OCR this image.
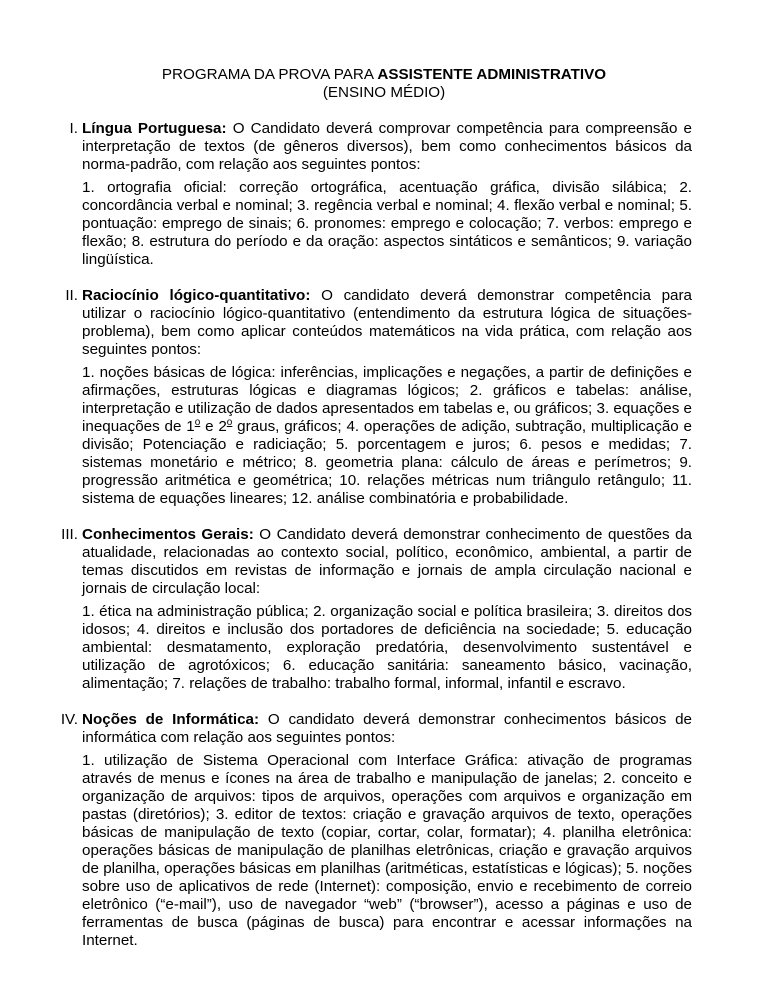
PROGRAMA DA PROVA PARA ASSISTENTE ADMINISTRATIVO
(ENSINO MÉDIO)
I. Língua Portuguesa: O Candidato deverá comprovar competência para compreensão e interpretação de textos (de gêneros diversos), bem como conhecimentos básicos da norma-padrão, com relação aos seguintes pontos:

1. ortografia oficial: correção ortográfica, acentuação gráfica, divisão silábica; 2. concordância verbal e nominal; 3. regência verbal e nominal; 4. flexão verbal e nominal; 5. pontuação: emprego de sinais; 6. pronomes: emprego e colocação; 7. verbos: emprego e flexão; 8. estrutura do período e da oração: aspectos sintáticos e semânticos; 9. variação lingüística.

II. Raciocínio lógico-quantitativo: O candidato deverá demonstrar competência para utilizar o raciocínio lógico-quantitativo (entendimento da estrutura lógica de situações-problema), bem como aplicar conteúdos matemáticos na vida prática, com relação aos seguintes pontos:

1. noções básicas de lógica: inferências, implicações e negações, a partir de definições e afirmações, estruturas lógicas e diagramas lógicos; 2. gráficos e tabelas: análise, interpretação e utilização de dados apresentados em tabelas e, ou gráficos; 3. equações e inequações de 1$^o$ e 2$^o$ graus, gráficos; 4. operações de adição, subtração, multiplicação e divisão; Potenciação e radiciação; 5. porcentagem e juros; 6. pesos e medidas; 7. sistemas monetário e métrico; 8. geometria plana: cálculo de áreas e perímetros; 9. progressão aritmética e geométrica; 10. relações métricas num triângulo retângulo; 11. sistema de equações lineares; 12. análise combinatória e probabilidade.

III. Conhecimentos Gerais: O Candidato deverá demonstrar conhecimento de questões da atualidade, relacionadas ao contexto social, político, econômico, ambiental, a partir de temas discutidos em revistas de informação e jornais de ampla circulação nacional e jornais de circulação local:

1. ética na administração pública; 2. organização social e política brasileira; 3. direitos dos idosos; 4. direitos e inclusão dos portadores de deficiência na sociedade; 5. educação ambiental: desmatamento, exploração predatória, desenvolvimento sustentável e utilização de agrotóxicos; 6. educação sanitária: saneamento básico, vacinação, alimentação; 7. relações de trabalho: trabalho formal, informal, infantil e escravo.

IV. Noções de Informática: O candidato deverá demonstrar conhecimentos básicos de informática com relação aos seguintes pontos:

1. utilização de Sistema Operacional com Interface Gráfica: ativação de programas através de menus e ícones na área de trabalho e manipulação de janelas; 2. conceito e organização de arquivos: tipos de arquivos, operações com arquivos e organização em pastas (diretórios); 3. editor de textos: criação e gravação arquivos de texto, operações básicas de manipulação de texto (copiar, cortar, colar, formatar); 4. planilha eletrônica: operações básicas de manipulação de planilhas eletrônicas, criação e gravação arquivos de planilha, operações básicas em planilhas (aritméticas, estatísticas e lógicas); 5. noções sobre uso de aplicativos de rede (Internet): composição, envio e recebimento de correio eletrônico (“e-mail”), uso de navegador “web” (“browser”), acesso a páginas e uso de ferramentas de busca (páginas de busca) para encontrar e acessar informações na Internet.
